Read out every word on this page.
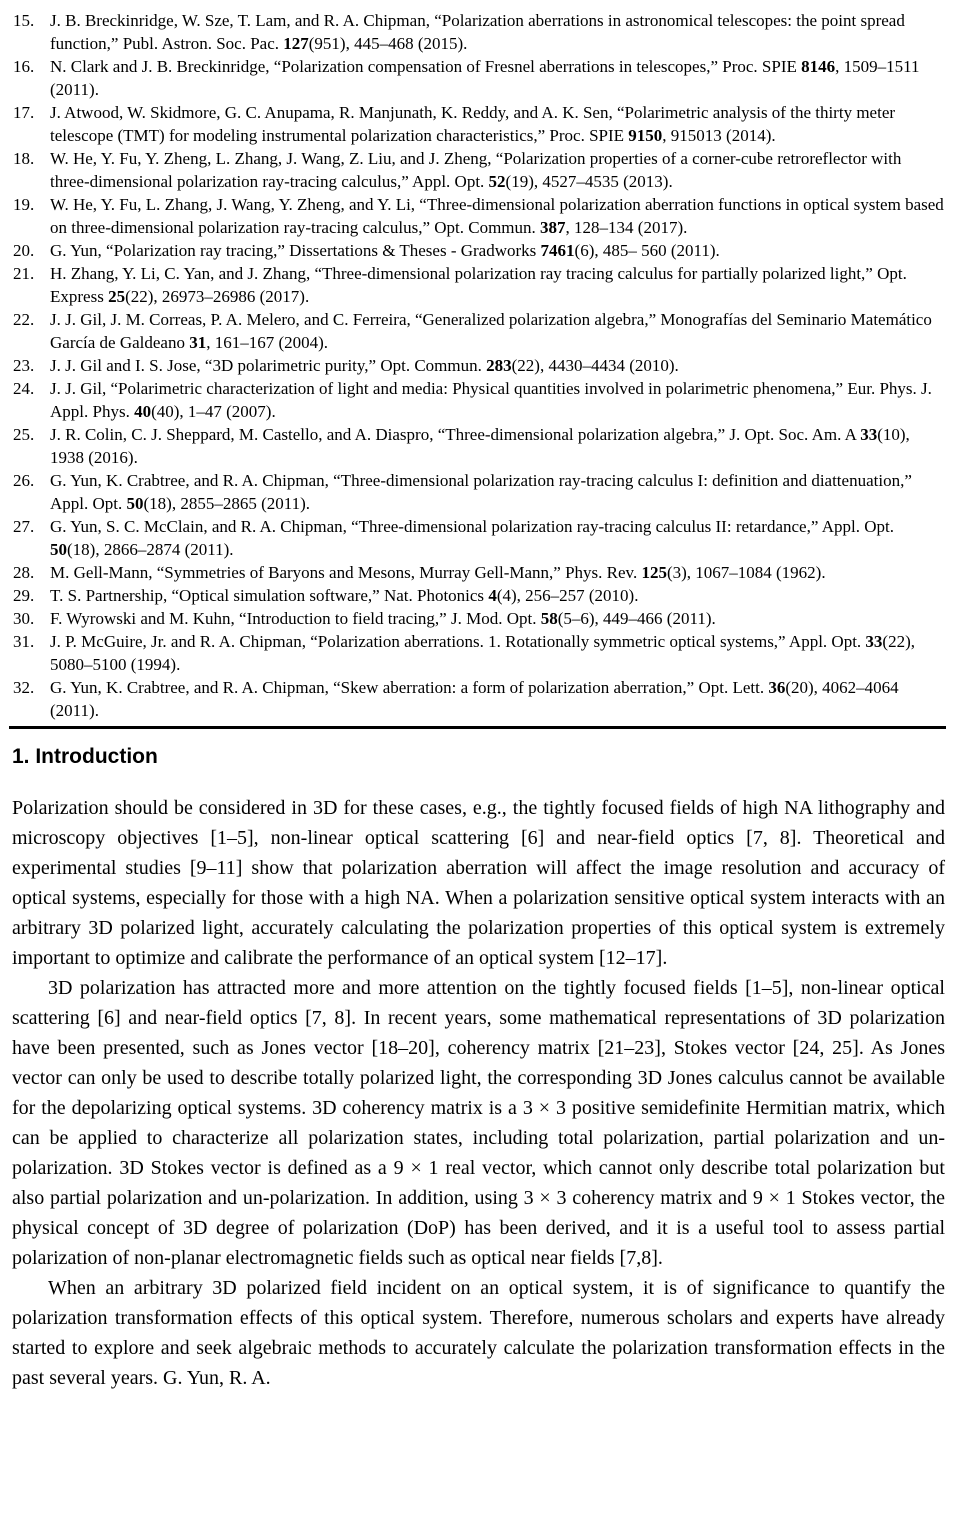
15. J. B. Breckinridge, W. Sze, T. Lam, and R. A. Chipman, “Polarization aberrations in astronomical telescopes: the point spread function,” Publ. Astron. Soc. Pac. 127(951), 445–468 (2015).
16. N. Clark and J. B. Breckinridge, “Polarization compensation of Fresnel aberrations in telescopes,” Proc. SPIE 8146, 1509–1511 (2011).
17. J. Atwood, W. Skidmore, G. C. Anupama, R. Manjunath, K. Reddy, and A. K. Sen, “Polarimetric analysis of the thirty meter telescope (TMT) for modeling instrumental polarization characteristics,” Proc. SPIE 9150, 915013 (2014).
18. W. He, Y. Fu, Y. Zheng, L. Zhang, J. Wang, Z. Liu, and J. Zheng, “Polarization properties of a corner-cube retroreflector with three-dimensional polarization ray-tracing calculus,” Appl. Opt. 52(19), 4527–4535 (2013).
19. W. He, Y. Fu, L. Zhang, J. Wang, Y. Zheng, and Y. Li, “Three-dimensional polarization aberration functions in optical system based on three-dimensional polarization ray-tracing calculus,” Opt. Commun. 387, 128–134 (2017).
20. G. Yun, “Polarization ray tracing,” Dissertations & Theses - Gradworks 7461(6), 485– 560 (2011).
21. H. Zhang, Y. Li, C. Yan, and J. Zhang, “Three-dimensional polarization ray tracing calculus for partially polarized light,” Opt. Express 25(22), 26973–26986 (2017).
22. J. J. Gil, J. M. Correas, P. A. Melero, and C. Ferreira, “Generalized polarization algebra,” Monografías del Seminario Matemático García de Galdeano 31, 161–167 (2004).
23. J. J. Gil and I. S. Jose, “3D polarimetric purity,” Opt. Commun. 283(22), 4430–4434 (2010).
24. J. J. Gil, “Polarimetric characterization of light and media: Physical quantities involved in polarimetric phenomena,” Eur. Phys. J. Appl. Phys. 40(40), 1–47 (2007).
25. J. R. Colin, C. J. Sheppard, M. Castello, and A. Diaspro, “Three-dimensional polarization algebra,” J. Opt. Soc. Am. A 33(10), 1938 (2016).
26. G. Yun, K. Crabtree, and R. A. Chipman, “Three-dimensional polarization ray-tracing calculus I: definition and diattenuation,” Appl. Opt. 50(18), 2855–2865 (2011).
27. G. Yun, S. C. McClain, and R. A. Chipman, “Three-dimensional polarization ray-tracing calculus II: retardance,” Appl. Opt. 50(18), 2866–2874 (2011).
28. M. Gell-Mann, “Symmetries of Baryons and Mesons, Murray Gell-Mann,” Phys. Rev. 125(3), 1067–1084 (1962).
29. T. S. Partnership, “Optical simulation software,” Nat. Photonics 4(4), 256–257 (2010).
30. F. Wyrowski and M. Kuhn, “Introduction to field tracing,” J. Mod. Opt. 58(5–6), 449–466 (2011).
31. J. P. McGuire, Jr. and R. A. Chipman, “Polarization aberrations. 1. Rotationally symmetric optical systems,” Appl. Opt. 33(22), 5080–5100 (1994).
32. G. Yun, K. Crabtree, and R. A. Chipman, “Skew aberration: a form of polarization aberration,” Opt. Lett. 36(20), 4062–4064 (2011).
1. Introduction

Polarization should be considered in 3D for these cases, e.g., the tightly focused fields of high NA lithography and microscopy objectives [1–5], non-linear optical scattering [6] and near-field optics [7, 8]. Theoretical and experimental studies [9–11] show that polarization aberration will affect the image resolution and accuracy of optical systems, especially for those with a high NA. When a polarization sensitive optical system interacts with an arbitrary 3D polarized light, accurately calculating the polarization properties of this optical system is extremely important to optimize and calibrate the performance of an optical system [12–17].

3D polarization has attracted more and more attention on the tightly focused fields [1–5], non-linear optical scattering [6] and near-field optics [7, 8]. In recent years, some mathematical representations of 3D polarization have been presented, such as Jones vector [18–20], coherency matrix [21–23], Stokes vector [24, 25]. As Jones vector can only be used to describe totally polarized light, the corresponding 3D Jones calculus cannot be available for the depolarizing optical systems. 3D coherency matrix is a 3 × 3 positive semidefinite Hermitian matrix, which can be applied to characterize all polarization states, including total polarization, partial polarization and un-polarization. 3D Stokes vector is defined as a 9 × 1 real vector, which cannot only describe total polarization but also partial polarization and un-polarization. In addition, using 3 × 3 coherency matrix and 9 × 1 Stokes vector, the physical concept of 3D degree of polarization (DoP) has been derived, and it is a useful tool to assess partial polarization of non-planar electromagnetic fields such as optical near fields [7,8].

When an arbitrary 3D polarized field incident on an optical system, it is of significance to quantify the polarization transformation effects of this optical system. Therefore, numerous scholars and experts have already started to explore and seek algebraic methods to accurately calculate the polarization transformation effects in the past several years. G. Yun, R. A.
